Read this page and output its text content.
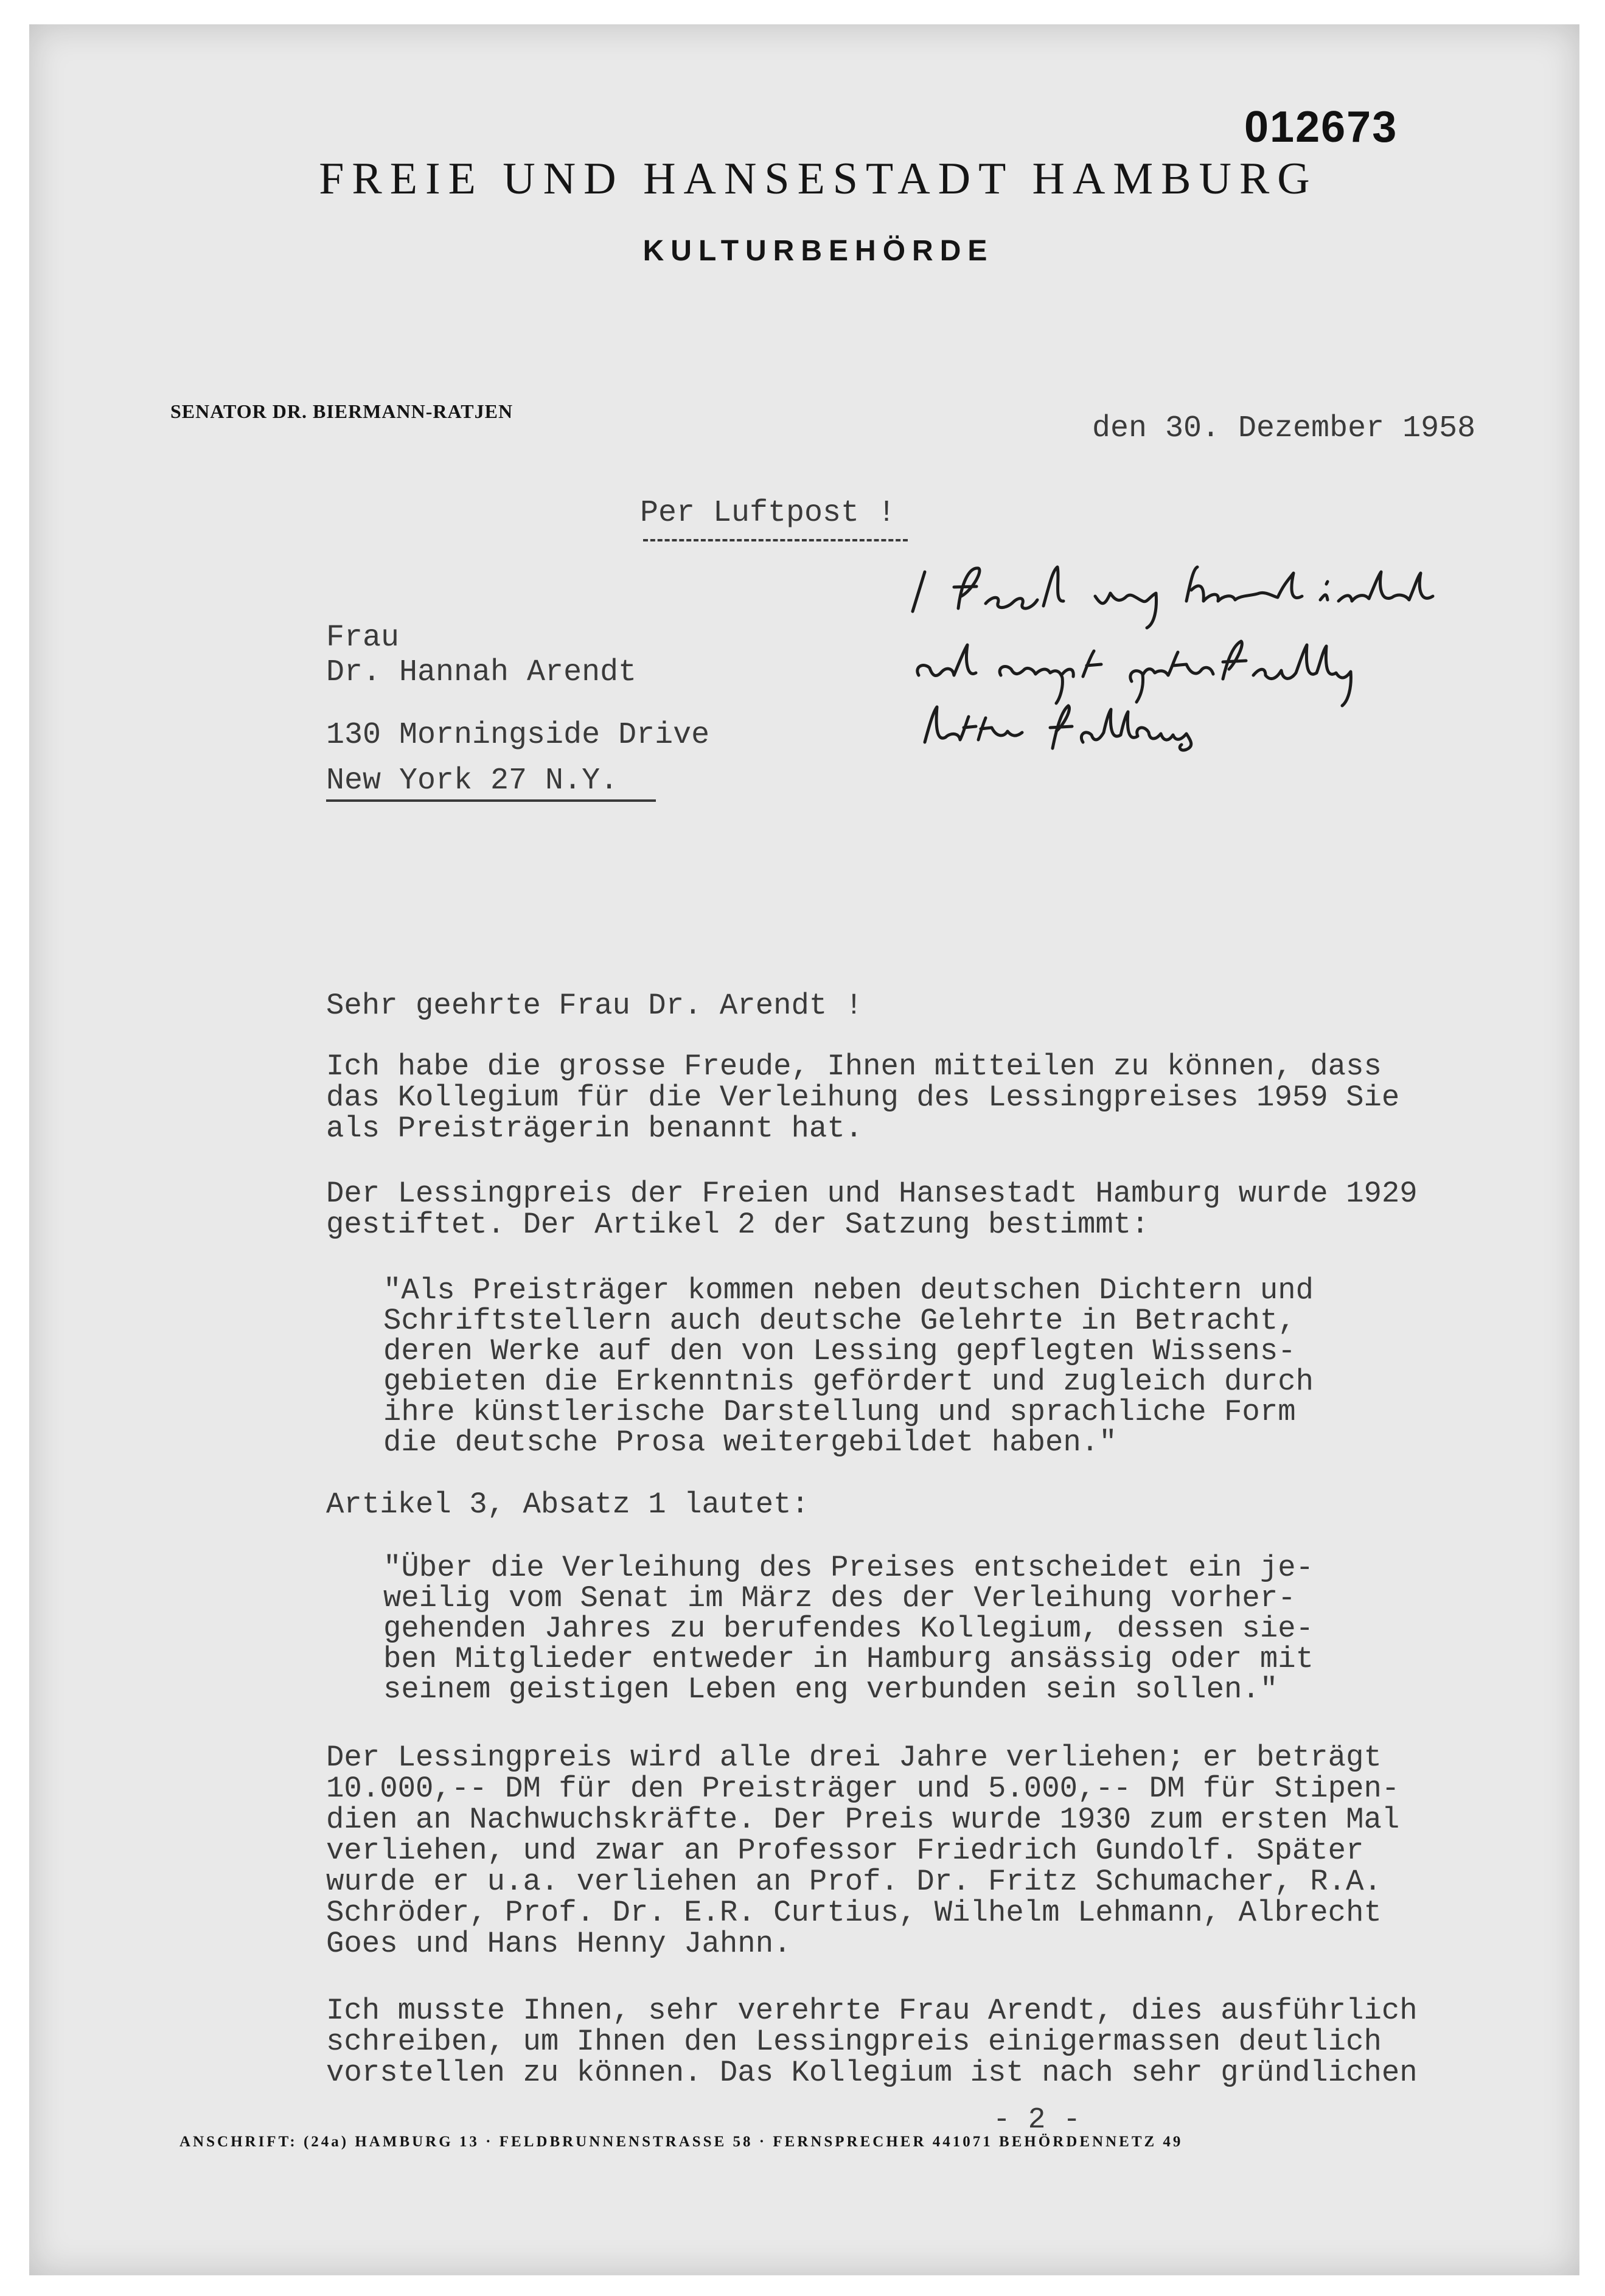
012673
FREIE UND HANSESTADT HAMBURG
KULTURBEHÖRDE
SENATOR DR. BIERMANN-RATJEN	den 30. Dezember 1958
Per Luftpost !
Frau
Dr. Hannah Arendt
130 Morningside Drive
New York 27 N.Y.
Sehr geehrte Frau Dr. Arendt !
Ich habe die grosse Freude, Ihnen mitteilen zu können, dass
das Kollegium für die Verleihung des Lessingpreises 1959 Sie
als Preisträgerin benannt hat.
Der Lessingpreis der Freien und Hansestadt Hamburg wurde 1929
gestiftet. Der Artikel 2 der Satzung bestimmt:
"Als Preisträger kommen neben deutschen Dichtern und
Schriftstellern auch deutsche Gelehrte in Betracht,
deren Werke auf den von Lessing gepflegten Wissens-
gebieten die Erkenntnis gefördert und zugleich durch
ihre künstlerische Darstellung und sprachliche Form
die deutsche Prosa weitergebildet haben."
Artikel 3, Absatz 1 lautet:
"Über die Verleihung des Preises entscheidet ein je-
weilig vom Senat im März des der Verleihung vorher-
gehenden Jahres zu berufendes Kollegium, dessen sie-
ben Mitglieder entweder in Hamburg ansässig oder mit
seinem geistigen Leben eng verbunden sein sollen."
Der Lessingpreis wird alle drei Jahre verliehen; er beträgt
10.000,-- DM für den Preisträger und 5.000,-- DM für Stipen-
dien an Nachwuchskräfte. Der Preis wurde 1930 zum ersten Mal
verliehen, und zwar an Professor Friedrich Gundolf. Später
wurde er u.a. verliehen an Prof. Dr. Fritz Schumacher, R.A.
Schröder, Prof. Dr. E.R. Curtius, Wilhelm Lehmann, Albrecht
Goes und Hans Henny Jahnn.
Ich musste Ihnen, sehr verehrte Frau Arendt, dies ausführlich
schreiben, um Ihnen den Lessingpreis einigermassen deutlich
vorstellen zu können. Das Kollegium ist nach sehr gründlichen
- 2 -
ANSCHRIFT: (24a) HAMBURG 13 · FELDBRUNNENSTRASSE 58 · FERNSPRECHER 441071 BEHÖRDENNETZ 49
